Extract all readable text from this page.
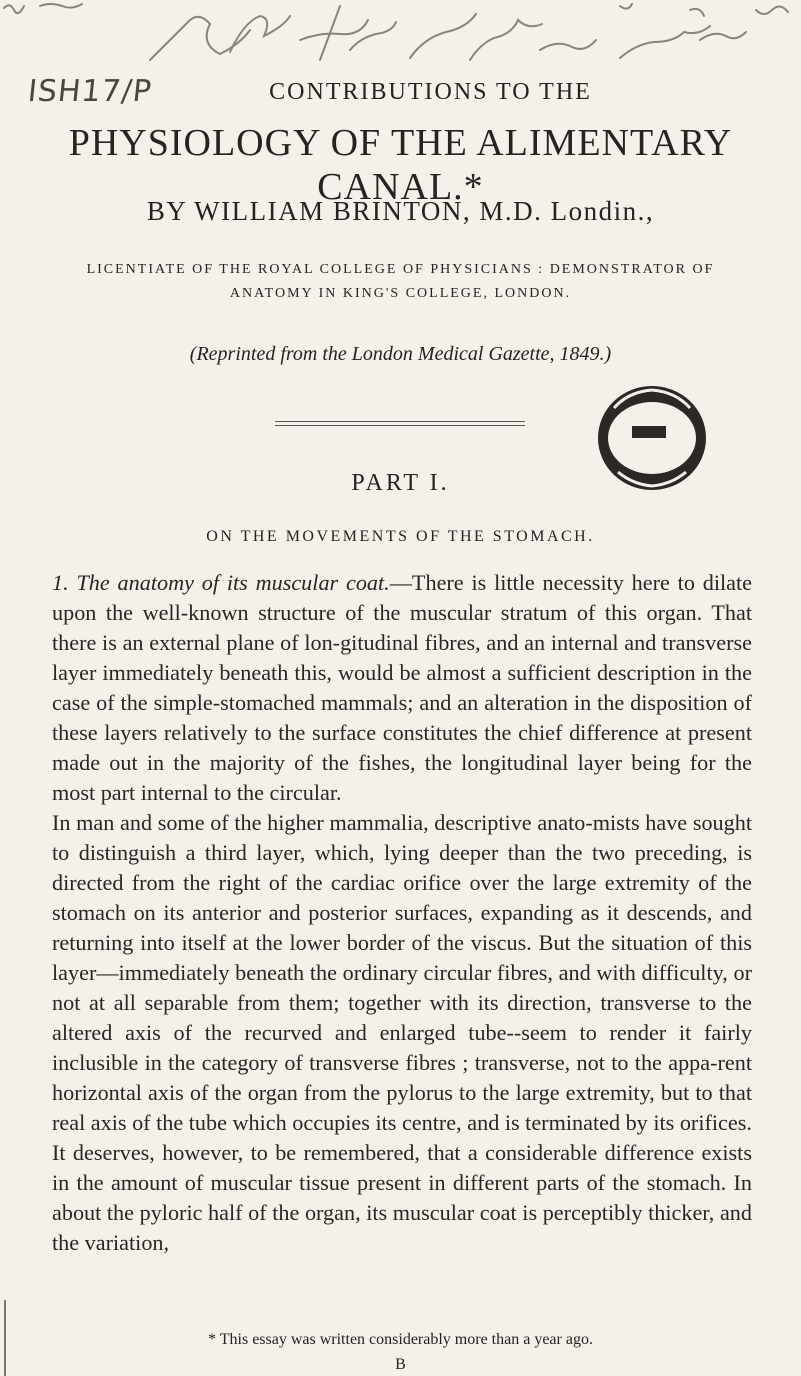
ISH17/P	CONTRIBUTIONS TO THE
PHYSIOLOGY OF THE ALIMENTARY CANAL.*
BY WILLIAM BRINTON, M.D. Londin.,
LICENTIATE OF THE ROYAL COLLEGE OF PHYSICIANS : DEMONSTRATOR OF
ANATOMY IN KING'S COLLEGE, LONDON.
(Reprinted from the London Medical Gazette, 1849.)
PART I.
ON THE MOVEMENTS OF THE STOMACH.

1. The anatomy of its muscular coat.—There is little necessity here to dilate upon the well-known structure of the muscular stratum of this organ. That there is an external plane of lon-gitudinal fibres, and an internal and transverse layer immediately beneath this, would be almost a sufficient description in the case of the simple-stomached mammals; and an alteration in the disposition of these layers relatively to the surface constitutes the chief difference at present made out in the majority of the fishes, the longitudinal layer being for the most part internal to the circular.

In man and some of the higher mammalia, descriptive anato-mists have sought to distinguish a third layer, which, lying deeper than the two preceding, is directed from the right of the cardiac orifice over the large extremity of the stomach on its anterior and posterior surfaces, expanding as it descends, and returning into itself at the lower border of the viscus. But the situation of this layer—immediately beneath the ordinary circular fibres, and with difficulty, or not at all separable from them; together with its direction, transverse to the altered axis of the recurved and enlarged tube--seem to render it fairly inclusible in the category of transverse fibres ; transverse, not to the appa-rent horizontal axis of the organ from the pylorus to the large extremity, but to that real axis of the tube which occupies its centre, and is terminated by its orifices.

It deserves, however, to be remembered, that a considerable difference exists in the amount of muscular tissue present in different parts of the stomach. In about the pyloric half of the organ, its muscular coat is perceptibly thicker, and the variation,

* This essay was written considerably more than a year ago.
B
